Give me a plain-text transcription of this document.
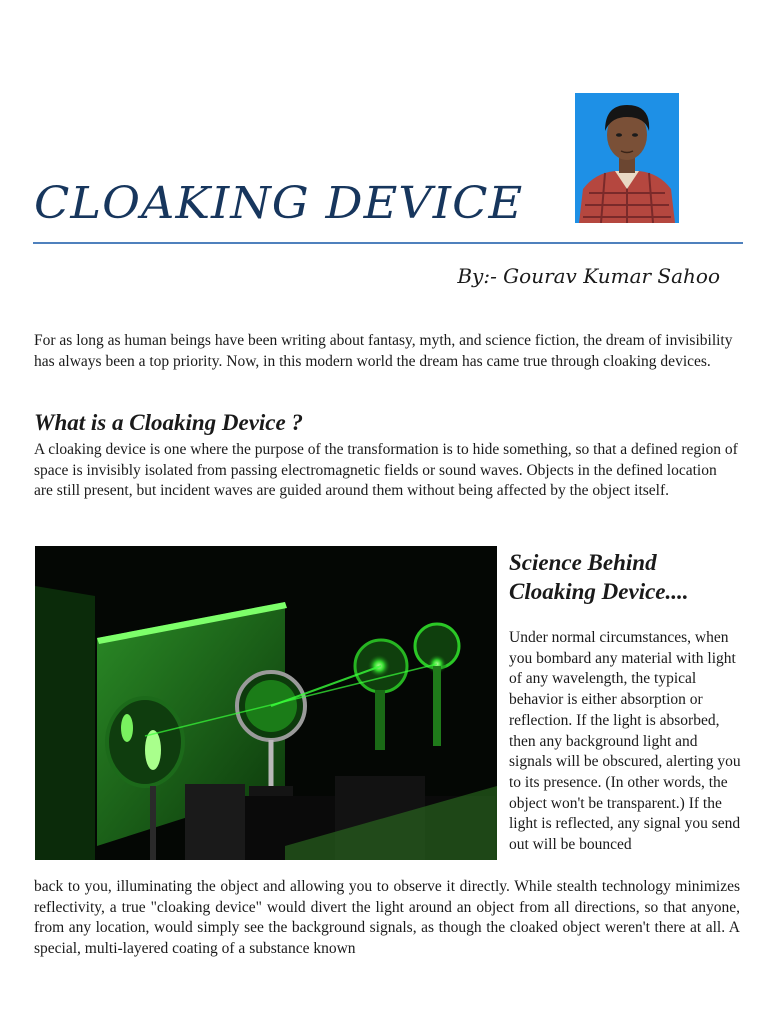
CLOAKING DEVICE
By:- Gourav Kumar Sahoo

For as long as human beings have been writing about fantasy, myth, and science fiction, the dream of invisibility has always been a top priority. Now, in this modern world the dream has came true through cloaking devices.

What is a Cloaking Device ?

A cloaking device is one where the purpose of the transformation is to hide something, so that a defined region of space is invisibly isolated from passing electromagnetic fields or sound waves. Objects in the defined location are still present, but incident waves are guided around them without being affected by the object itself.

Science Behind Cloaking Device....

Under normal circumstances, when you bombard any material with light of any wavelength, the typical behavior is either absorption or reflection. If the light is absorbed, then any background light and signals will be obscured, alerting you to its presence. (In other words, the object won't be transparent.) If the light is reflected, any signal you send out will be bounced

back to you, illuminating the object and allowing you to observe it directly. While stealth technology minimizes reflectivity, a true "cloaking device" would divert the light around an object from all directions, so that anyone, from any location, would simply see the background signals, as though the cloaked object weren't there at all. A special, multi-layered coating of a substance known
